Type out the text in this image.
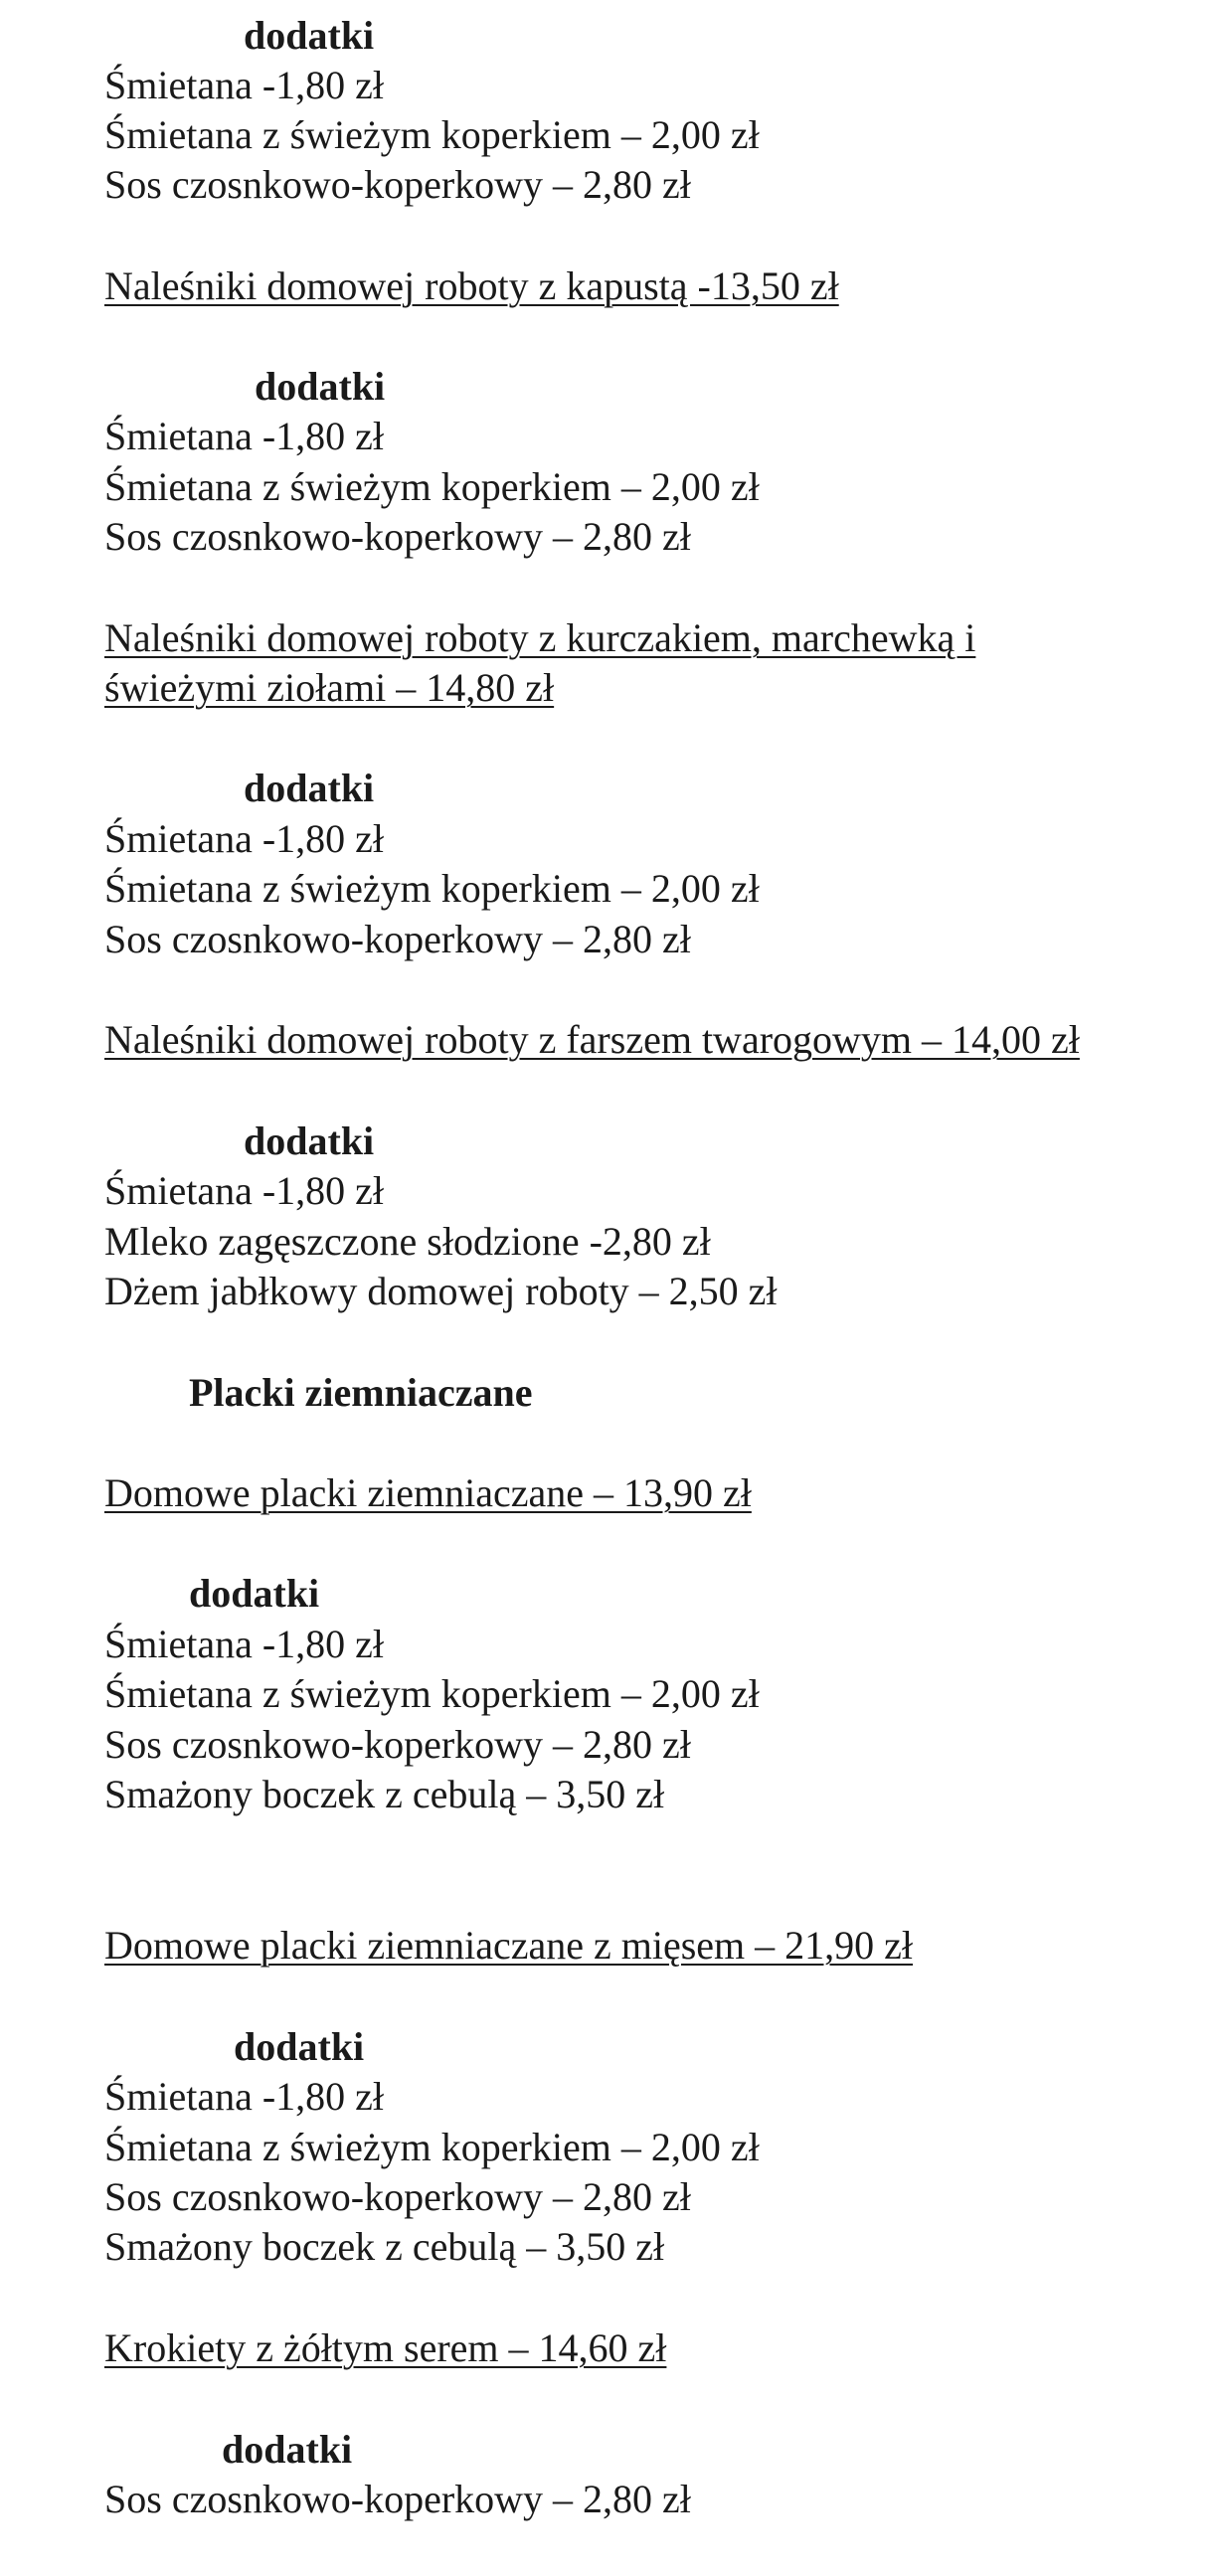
dodatki
Śmietana -1,80 zł
Śmietana z świeżym koperkiem – 2,00 zł
Sos czosnkowo-koperkowy – 2,80 zł
Naleśniki domowej roboty z kapustą -13,50 zł
dodatki
Śmietana -1,80 zł
Śmietana z świeżym koperkiem – 2,00 zł
Sos czosnkowo-koperkowy – 2,80 zł
Naleśniki domowej roboty z kurczakiem, marchewką i
świeżymi ziołami – 14,80 zł
dodatki
Śmietana -1,80 zł
Śmietana z świeżym koperkiem – 2,00 zł
Sos czosnkowo-koperkowy – 2,80 zł
Naleśniki domowej roboty z farszem twarogowym – 14,00 zł
dodatki
Śmietana -1,80 zł
Mleko zagęszczone słodzione -2,80 zł
Dżem jabłkowy domowej roboty – 2,50 zł
Placki ziemniaczane
Domowe placki ziemniaczane – 13,90 zł
dodatki
Śmietana -1,80 zł
Śmietana z świeżym koperkiem – 2,00 zł
Sos czosnkowo-koperkowy – 2,80 zł
Smażony boczek z cebulą – 3,50 zł
Domowe placki ziemniaczane z mięsem – 21,90 zł
dodatki
Śmietana -1,80 zł
Śmietana z świeżym koperkiem – 2,00 zł
Sos czosnkowo-koperkowy – 2,80 zł
Smażony boczek z cebulą – 3,50 zł
Krokiety z żółtym serem – 14,60 zł
dodatki
Sos czosnkowo-koperkowy – 2,80 zł
